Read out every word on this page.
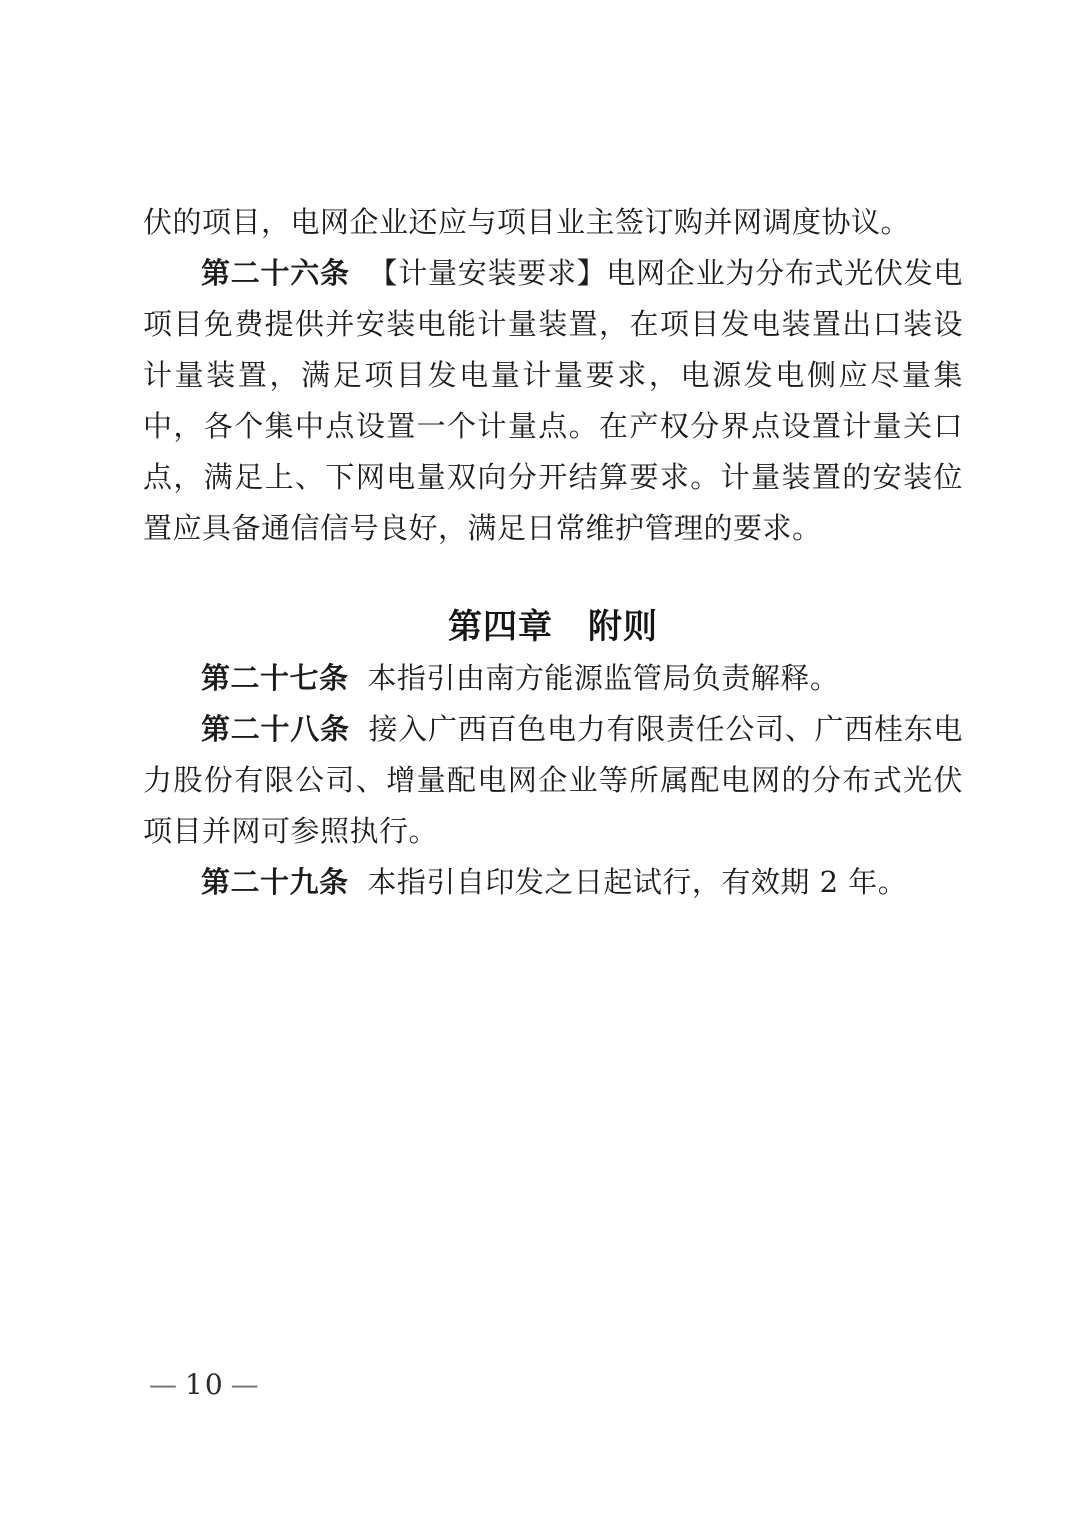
伏的项目，电网企业还应与项目业主签订购并网调度协议。

第二十六条 【计量安装要求】电网企业为分布式光伏发电项目免费提供并安装电能计量装置，在项目发电装置出口装设计量装置，满足项目发电量计量要求，电源发电侧应尽量集中，各个集中点设置一个计量点。在产权分界点设置计量关口点，满足上、下网电量双向分开结算要求。计量装置的安装位置应具备通信信号良好，满足日常维护管理的要求。

第四章　附则

第二十七条 本指引由南方能源监管局负责解释。

第二十八条 接入广西百色电力有限责任公司、广西桂东电力股份有限公司、增量配电网企业等所属配电网的分布式光伏项目并网可参照执行。

第二十九条 本指引自印发之日起试行，有效期 2 年。

— 10 —
